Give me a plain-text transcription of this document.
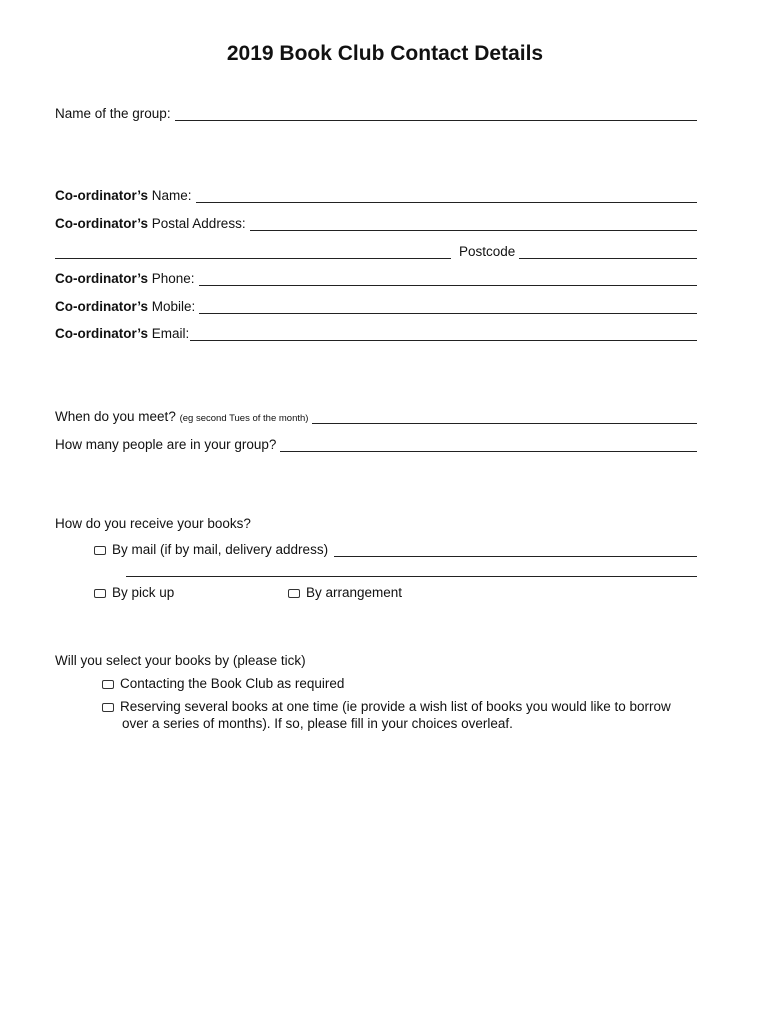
2019 Book Club Contact Details
Name of the group:
Co-ordinator’s Name:
Co-ordinator’s Postal Address:
Postcode
Co-ordinator’s Phone:
Co-ordinator’s Mobile:
Co-ordinator’s Email:
When do you meet? (eg second Tues of the month)
How many people are in your group?
How do you receive your books?
By mail (if by mail, delivery address)
By pick up	By arrangement
Will you select your books by (please tick)
Contacting the Book Club as required
Reserving several books at one time (ie provide a wish list of books you would like to borrow
over a series of months). If so, please fill in your choices overleaf.
